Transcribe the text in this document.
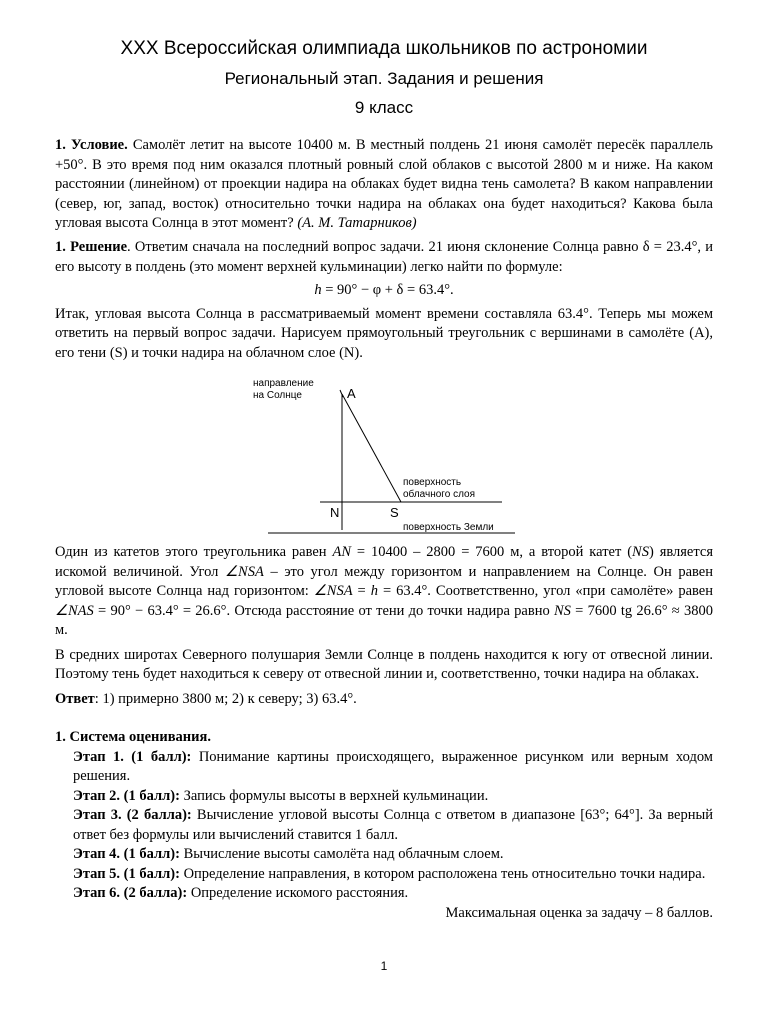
XXX Всероссийская олимпиада школьников по астрономии
Региональный этап. Задания и решения
9 класс

1. Условие. Самолёт летит на высоте 10400 м. В местный полдень 21 июня самолёт пересёк параллель +50°. В это время под ним оказался плотный ровный слой облаков с высотой 2800 м и ниже. На каком расстоянии (линейном) от проекции надира на облаках будет видна тень самолета? В каком направлении (север, юг, запад, восток) относительно точки надира на облаках она будет находиться? Какова была угловая высота Солнца в этот момент? (А. М. Татарников)

1. Решение. Ответим сначала на последний вопрос задачи. 21 июня склонение Солнца равно δ = 23.4°, и его высоту в полдень (это момент верхней кульминации) легко найти по формуле:

h = 90° − φ + δ = 63.4°.

Итак, угловая высота Солнца в рассматриваемый момент времени составляла 63.4°. Теперь мы можем ответить на первый вопрос задачи. Нарисуем прямоугольный треугольник с вершинами в самолёте (A), его тени (S) и точки надира на облачном слое (N).

направление
на Солнце	A
N	S
поверхность
облачного слоя
поверхность Земли

Один из катетов этого треугольника равен AN = 10400 – 2800 = 7600 м, а второй катет (NS) является искомой величиной. Угол ∠NSA – это угол между горизонтом и направлением на Солнце. Он равен угловой высоте Солнца над горизонтом: ∠NSA = h = 63.4°. Соответственно, угол «при самолёте» равен ∠NAS = 90° − 63.4° = 26.6°. Отсюда расстояние от тени до точки надира равно NS = 7600 tg 26.6° ≈ 3800 м.

В средних широтах Северного полушария Земли Солнце в полдень находится к югу от отвесной линии. Поэтому тень будет находиться к северу от отвесной линии и, соответственно, точки надира на облаках.

Ответ: 1) примерно 3800 м; 2) к северу; 3) 63.4°.

1. Система оценивания.

Этап 1. (1 балл): Понимание картины происходящего, выраженное рисунком или верным ходом решения.

Этап 2. (1 балл): Запись формулы высоты в верхней кульминации.

Этап 3. (2 балла): Вычисление угловой высоты Солнца с ответом в диапазоне [63°; 64°]. За верный ответ без формулы или вычислений ставится 1 балл.

Этап 4. (1 балл): Вычисление высоты самолёта над облачным слоем.

Этап 5. (1 балл): Определение направления, в котором расположена тень относительно точки надира.

Этап 6. (2 балла): Определение искомого расстояния.

Максимальная оценка за задачу – 8 баллов.

1
